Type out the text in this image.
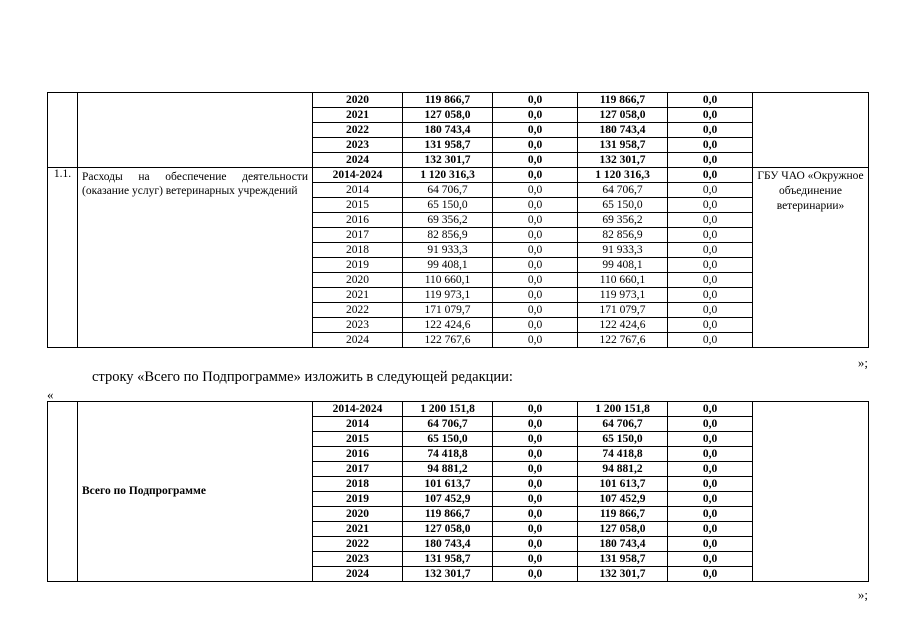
		2020	119 866,7	0,0	119 866,7	0,0	
		2021	127 058,0	0,0	127 058,0	0,0	
		2022	180 743,4	0,0	180 743,4	0,0	
		2023	131 958,7	0,0	131 958,7	0,0	
		2024	132 301,7	0,0	132 301,7	0,0	
1.1.	Расходы на обеспечение деятельности (оказание услуг) ветеринарных учреждений	2014-2024	1 120 316,3	0,0	1 120 316,3	0,0	ГБУ ЧАО «Окружное объединение ветеринарии»
		2014	64 706,7	0,0	64 706,7	0,0	
		2015	65 150,0	0,0	65 150,0	0,0	
		2016	69 356,2	0,0	69 356,2	0,0	
		2017	82 856,9	0,0	82 856,9	0,0	
		2018	91 933,3	0,0	91 933,3	0,0	
		2019	99 408,1	0,0	99 408,1	0,0	
		2020	110 660,1	0,0	110 660,1	0,0	
		2021	119 973,1	0,0	119 973,1	0,0	
		2022	171 079,7	0,0	171 079,7	0,0	
		2023	122 424,6	0,0	122 424,6	0,0	
		2024	122 767,6	0,0	122 767,6	0,0	
»;
строку «Всего по Подпрограмме» изложить в следующей редакции:
«
	Всего по Подпрограмме	2014-2024	1 200 151,8	0,0	1 200 151,8	0,0	
		2014	64 706,7	0,0	64 706,7	0,0	
		2015	65 150,0	0,0	65 150,0	0,0	
		2016	74 418,8	0,0	74 418,8	0,0	
		2017	94 881,2	0,0	94 881,2	0,0	
		2018	101 613,7	0,0	101 613,7	0,0	
		2019	107 452,9	0,0	107 452,9	0,0	
		2020	119 866,7	0,0	119 866,7	0,0	
		2021	127 058,0	0,0	127 058,0	0,0	
		2022	180 743,4	0,0	180 743,4	0,0	
		2023	131 958,7	0,0	131 958,7	0,0	
		2024	132 301,7	0,0	132 301,7	0,0	
»;
